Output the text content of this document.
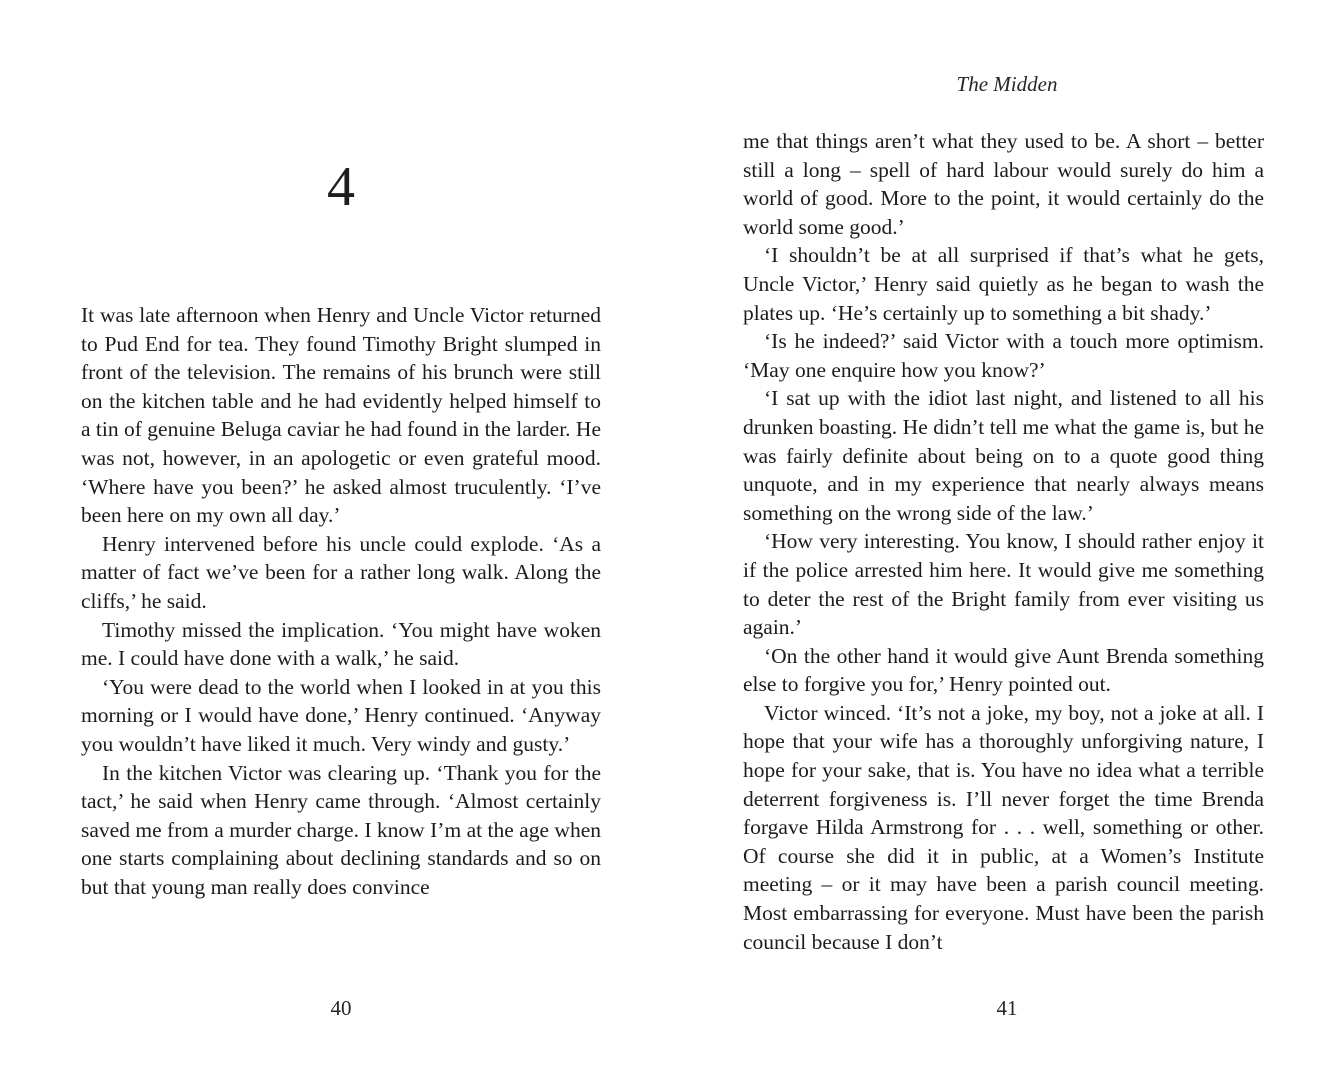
4

It was late afternoon when Henry and Uncle Victor returned to Pud End for tea. They found Timothy Bright slumped in front of the television. The remains of his brunch were still on the kitchen table and he had evidently helped himself to a tin of genuine Beluga caviar he had found in the larder. He was not, however, in an apologetic or even grateful mood. ‘Where have you been?’ he asked almost truculently. ‘I’ve been here on my own all day.’

Henry intervened before his uncle could explode. ‘As a matter of fact we’ve been for a rather long walk. Along the cliffs,’ he said.

Timothy missed the implication. ‘You might have woken me. I could have done with a walk,’ he said.

‘You were dead to the world when I looked in at you this morning or I would have done,’ Henry continued. ‘Anyway you wouldn’t have liked it much. Very windy and gusty.’

In the kitchen Victor was clearing up. ‘Thank you for the tact,’ he said when Henry came through. ‘Almost certainly saved me from a murder charge. I know I’m at the age when one starts complaining about declining standards and so on but that young man really does convince

40
The Midden

me that things aren’t what they used to be. A short – better still a long – spell of hard labour would surely do him a world of good. More to the point, it would certainly do the world some good.’

‘I shouldn’t be at all surprised if that’s what he gets, Uncle Victor,’ Henry said quietly as he began to wash the plates up. ‘He’s certainly up to something a bit shady.’

‘Is he indeed?’ said Victor with a touch more optimism. ‘May one enquire how you know?’

‘I sat up with the idiot last night, and listened to all his drunken boasting. He didn’t tell me what the game is, but he was fairly definite about being on to a quote good thing unquote, and in my experience that nearly always means something on the wrong side of the law.’

‘How very interesting. You know, I should rather enjoy it if the police arrested him here. It would give me something to deter the rest of the Bright family from ever visiting us again.’

‘On the other hand it would give Aunt Brenda something else to forgive you for,’ Henry pointed out.

Victor winced. ‘It’s not a joke, my boy, not a joke at all. I hope that your wife has a thoroughly unforgiving nature, I hope for your sake, that is. You have no idea what a terrible deterrent forgiveness is. I’ll never forget the time Brenda forgave Hilda Armstrong for . . . well, something or other. Of course she did it in public, at a Women’s Institute meeting – or it may have been a parish council meeting. Most embarrassing for everyone. Must have been the parish council because I don’t

41
